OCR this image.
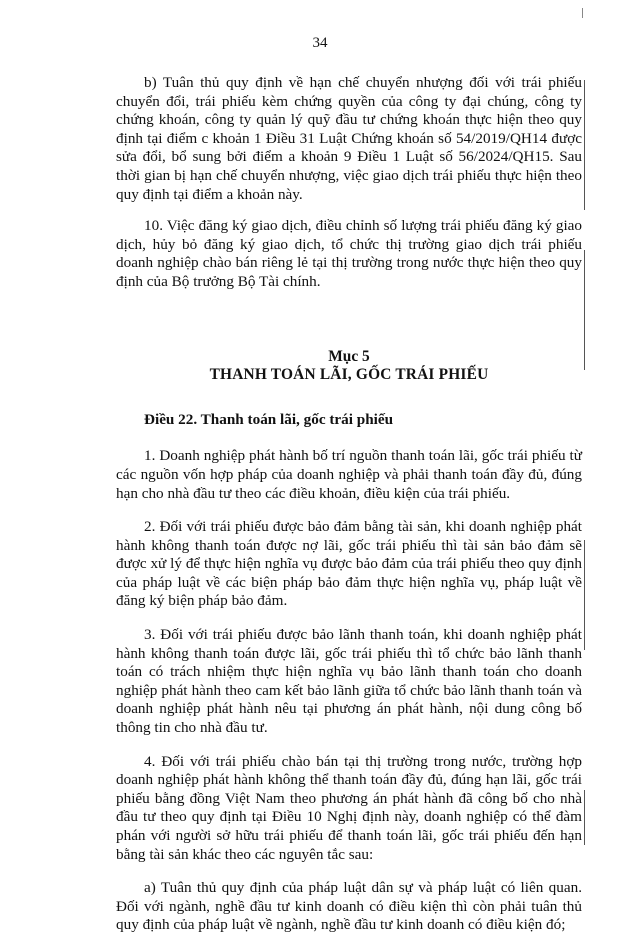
34

b) Tuân thủ quy định về hạn chế chuyển nhượng đối với trái phiếu chuyển đổi, trái phiếu kèm chứng quyền của công ty đại chúng, công ty chứng khoán, công ty quản lý quỹ đầu tư chứng khoán thực hiện theo quy định tại điểm c khoản 1 Điều 31 Luật Chứng khoán số 54/2019/QH14 được sửa đổi, bổ sung bởi điểm a khoản 9 Điều 1 Luật số 56/2024/QH15. Sau thời gian bị hạn chế chuyển nhượng, việc giao dịch trái phiếu thực hiện theo quy định tại điểm a khoản này.

10. Việc đăng ký giao dịch, điều chỉnh số lượng trái phiếu đăng ký giao dịch, hủy bỏ đăng ký giao dịch, tổ chức thị trường giao dịch trái phiếu doanh nghiệp chào bán riêng lẻ tại thị trường trong nước thực hiện theo quy định của Bộ trưởng Bộ Tài chính.

Mục 5
THANH TOÁN LÃI, GỐC TRÁI PHIẾU

Điều 22. Thanh toán lãi, gốc trái phiếu

1. Doanh nghiệp phát hành bố trí nguồn thanh toán lãi, gốc trái phiếu từ các nguồn vốn hợp pháp của doanh nghiệp và phải thanh toán đầy đủ, đúng hạn cho nhà đầu tư theo các điều khoản, điều kiện của trái phiếu.

2. Đối với trái phiếu được bảo đảm bằng tài sản, khi doanh nghiệp phát hành không thanh toán được nợ lãi, gốc trái phiếu thì tài sản bảo đảm sẽ được xử lý để thực hiện nghĩa vụ được bảo đảm của trái phiếu theo quy định của pháp luật về các biện pháp bảo đảm thực hiện nghĩa vụ, pháp luật về đăng ký biện pháp bảo đảm.

3. Đối với trái phiếu được bảo lãnh thanh toán, khi doanh nghiệp phát hành không thanh toán được lãi, gốc trái phiếu thì tổ chức bảo lãnh thanh toán có trách nhiệm thực hiện nghĩa vụ bảo lãnh thanh toán cho doanh nghiệp phát hành theo cam kết bảo lãnh giữa tổ chức bảo lãnh thanh toán và doanh nghiệp phát hành nêu tại phương án phát hành, nội dung công bố thông tin cho nhà đầu tư.

4. Đối với trái phiếu chào bán tại thị trường trong nước, trường hợp doanh nghiệp phát hành không thể thanh toán đầy đủ, đúng hạn lãi, gốc trái phiếu bằng đồng Việt Nam theo phương án phát hành đã công bố cho nhà đầu tư theo quy định tại Điều 10 Nghị định này, doanh nghiệp có thể đàm phán với người sở hữu trái phiếu để thanh toán lãi, gốc trái phiếu đến hạn bằng tài sản khác theo các nguyên tắc sau:

a) Tuân thủ quy định của pháp luật dân sự và pháp luật có liên quan. Đối với ngành, nghề đầu tư kinh doanh có điều kiện thì còn phải tuân thủ quy định của pháp luật về ngành, nghề đầu tư kinh doanh có điều kiện đó;
